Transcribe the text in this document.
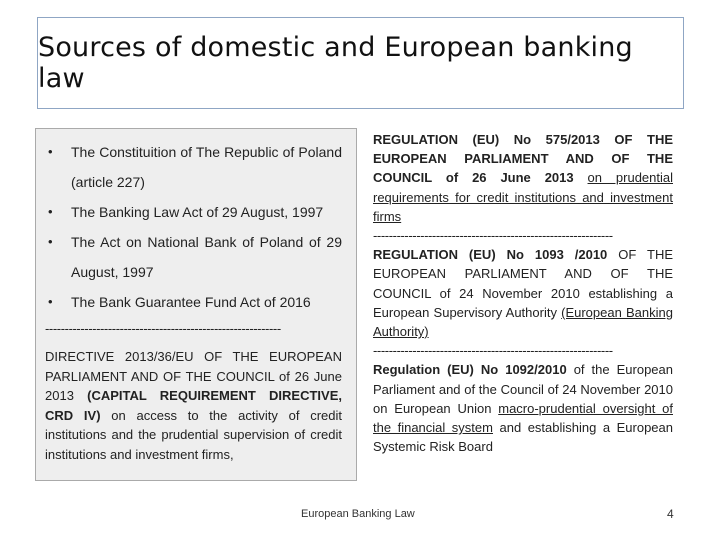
Sources of domestic and European banking law
• The Constituition of The Republic of Poland (article 227)
• The Banking Law Act of 29 August, 1997
• The Act on National Bank of Poland of 29 August, 1997
• The Bank Guarantee Fund Act of 2016
------------------------------------------------------------
DIRECTIVE 2013/36/EU OF THE EUROPEAN PARLIAMENT AND OF THE COUNCIL of 26 June 2013 (CAPITAL REQUIREMENT DIRECTIVE, CRD IV) on access to the activity of credit institutions and the prudential supervision of credit institutions and investment firms,

REGULATION (EU) No 575/2013 OF THE EUROPEAN PARLIAMENT AND OF THE COUNCIL of 26 June 2013 on prudential requirements for credit institutions and investment firms

-------------------------------------------------------------

REGULATION (EU) No 1093 /2010 OF THE EUROPEAN PARLIAMENT AND OF THE COUNCIL of 24 November 2010 establishing a European Supervisory Authority (European Banking Authority)

-------------------------------------------------------------

Regulation (EU) No 1092/2010 of the European Parliament and of the Council of 24 November 2010 on European Union macro-prudential oversight of the financial system and establishing a European Systemic Risk Board

European Banking Law	4
